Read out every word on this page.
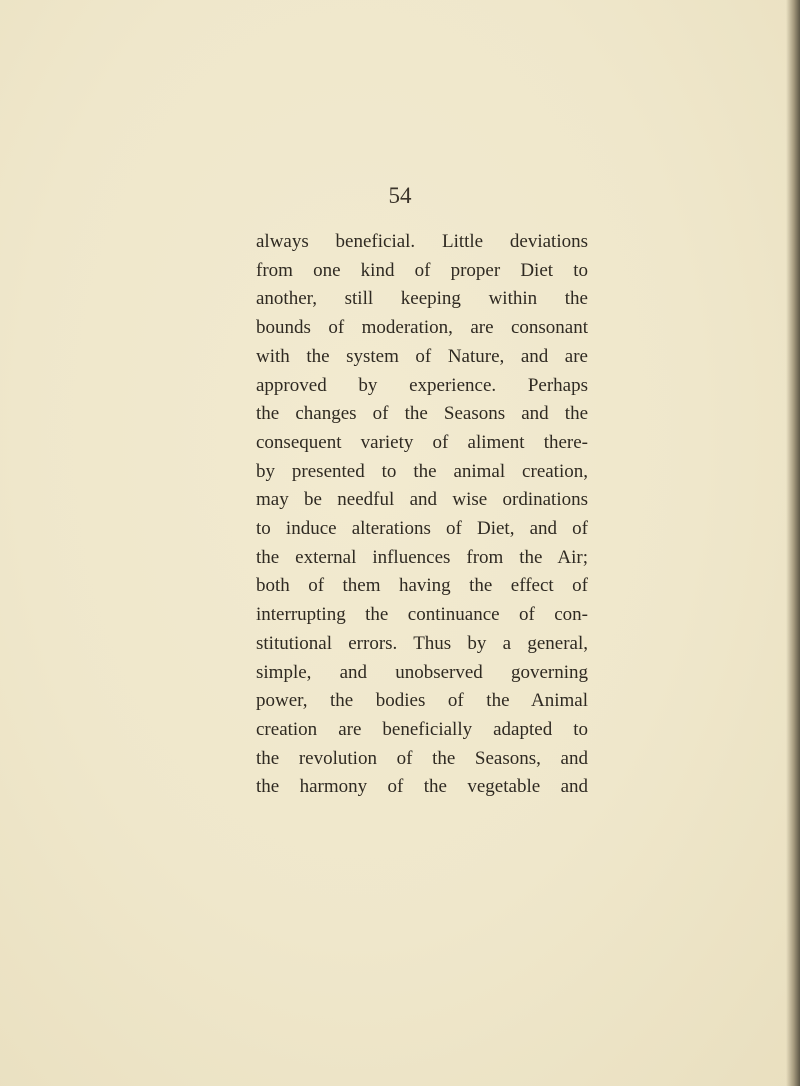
54

always beneficial. Little deviations
from one kind of proper Diet to
another, still keeping within the
bounds of moderation, are consonant
with the system of Nature, and are
approved by experience. Perhaps
the changes of the Seasons and the
consequent variety of aliment there-
by presented to the animal creation,
may be needful and wise ordinations
to induce alterations of Diet, and of
the external influences from the Air;
both of them having the effect of
interrupting the continuance of con-
stitutional errors. Thus by a general,
simple, and unobserved governing
power, the bodies of the Animal
creation are beneficially adapted to
the revolution of the Seasons, and
the harmony of the vegetable and
